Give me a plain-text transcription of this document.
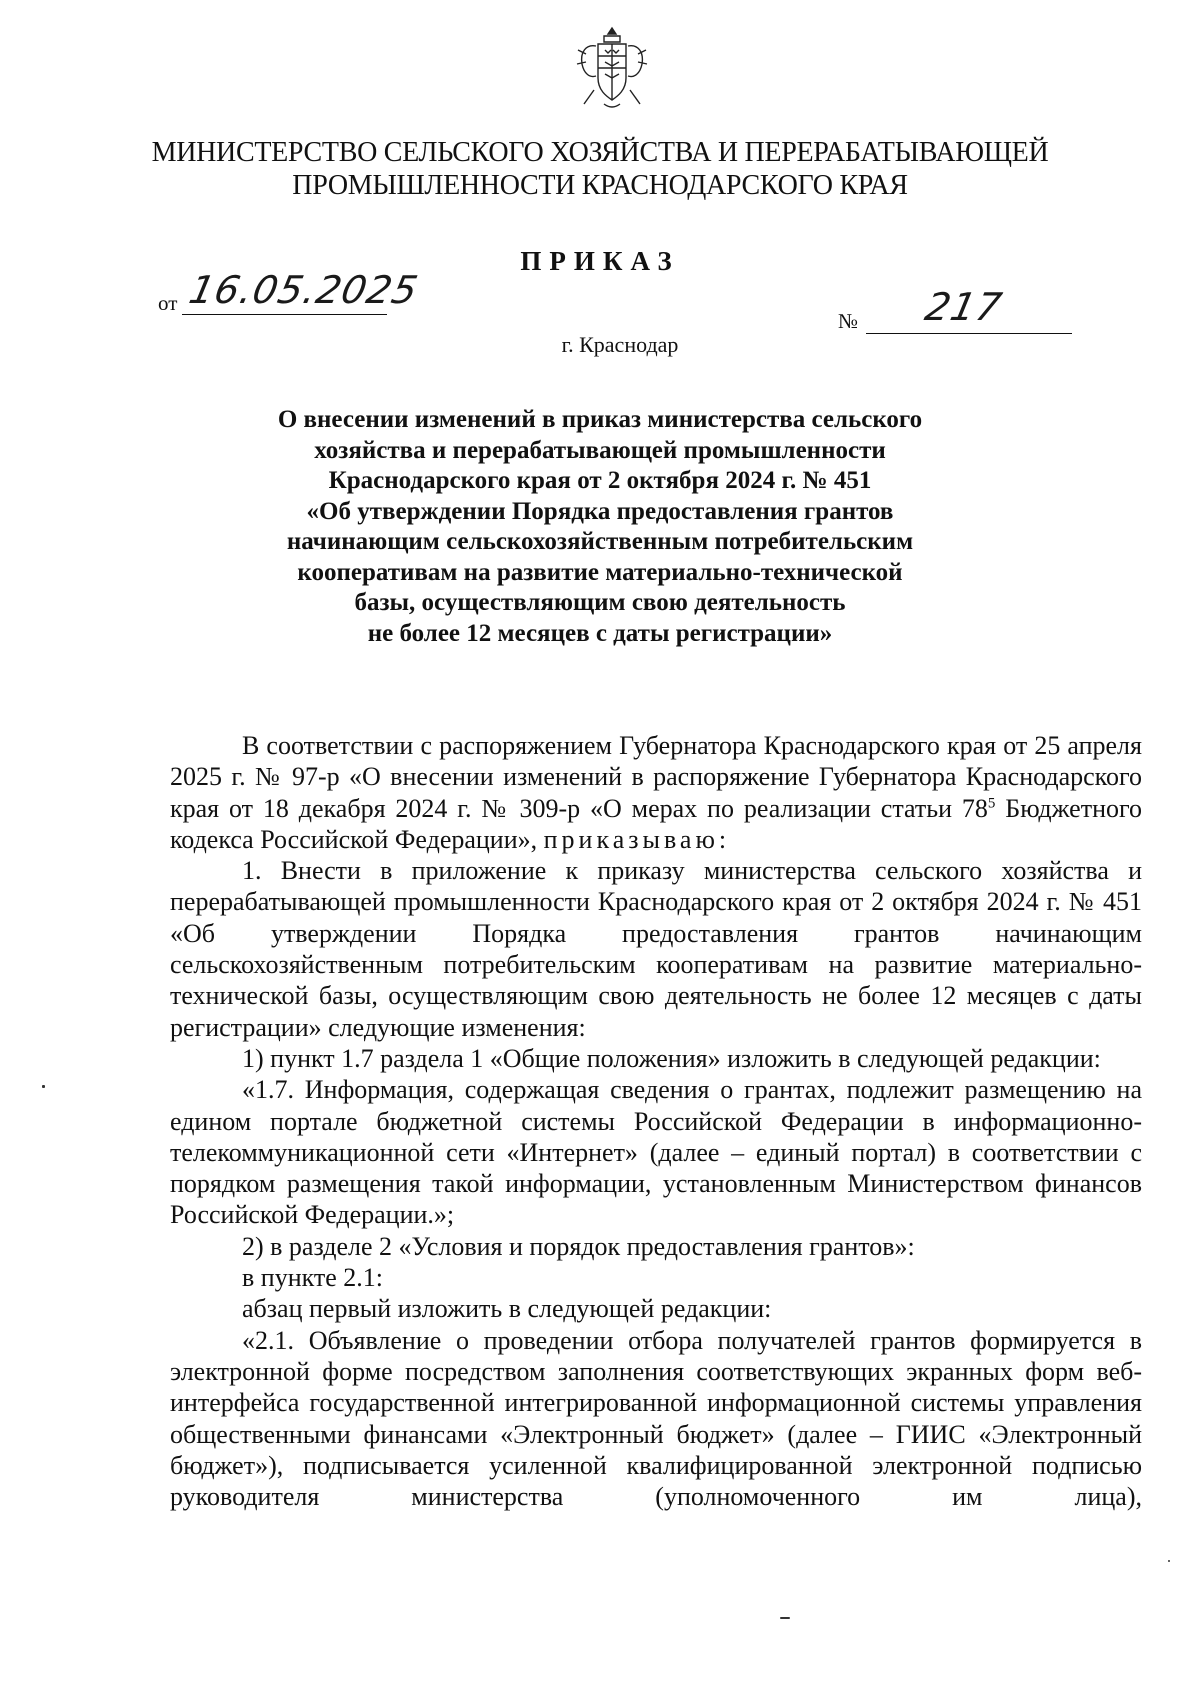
МИНИСТЕРСТВО СЕЛЬСКОГО ХОЗЯЙСТВА И ПЕРЕРАБАТЫВАЮЩЕЙ
ПРОМЫШЛЕННОСТИ КРАСНОДАРСКОГО КРАЯ
ПРИКАЗ
от 16.05.2025
№ 217
г. Краснодар
О внесении изменений в приказ министерства сельского
хозяйства и перерабатывающей промышленности
Краснодарского края от 2 октября 2024 г. № 451
«Об утверждении Порядка предоставления грантов
начинающим сельскохозяйственным потребительским
кооперативам на развитие материально-технической
базы, осуществляющим свою деятельность
не более 12 месяцев с даты регистрации»

В соответствии с распоряжением Губернатора Краснодарского края от 25 апреля 2025 г. № 97-р «О внесении изменений в распоряжение Губернатора Краснодарского края от 18 декабря 2024 г. № 309-р «О мерах по реализации статьи $78^5$ Бюджетного кодекса Российской Федерации», приказываю:

1. Внести в приложение к приказу министерства сельского хозяйства и перерабатывающей промышленности Краснодарского края от 2 октября 2024 г. № 451 «Об утверждении Порядка предоставления грантов начинающим сельскохозяйственным потребительским кооперативам на развитие материально-технической базы, осуществляющим свою деятельность не более 12 месяцев с даты регистрации» следующие изменения:

1) пункт 1.7 раздела 1 «Общие положения» изложить в следующей редакции:

«1.7. Информация, содержащая сведения о грантах, подлежит размещению на едином портале бюджетной системы Российской Федерации в информационно-телекоммуникационной сети «Интернет» (далее – единый портал) в соответствии с порядком размещения такой информации, установленным Министерством финансов Российской Федерации.»;

2) в разделе 2 «Условия и порядок предоставления грантов»:

в пункте 2.1:

абзац первый изложить в следующей редакции:

«2.1. Объявление о проведении отбора получателей грантов формируется в электронной форме посредством заполнения соответствующих экранных форм веб-интерфейса государственной интегрированной информационной системы управления общественными финансами «Электронный бюджет» (далее – ГИИС «Электронный бюджет»), подписывается усиленной квалифицированной электронной подписью руководителя министерства (уполномоченного им лица),
